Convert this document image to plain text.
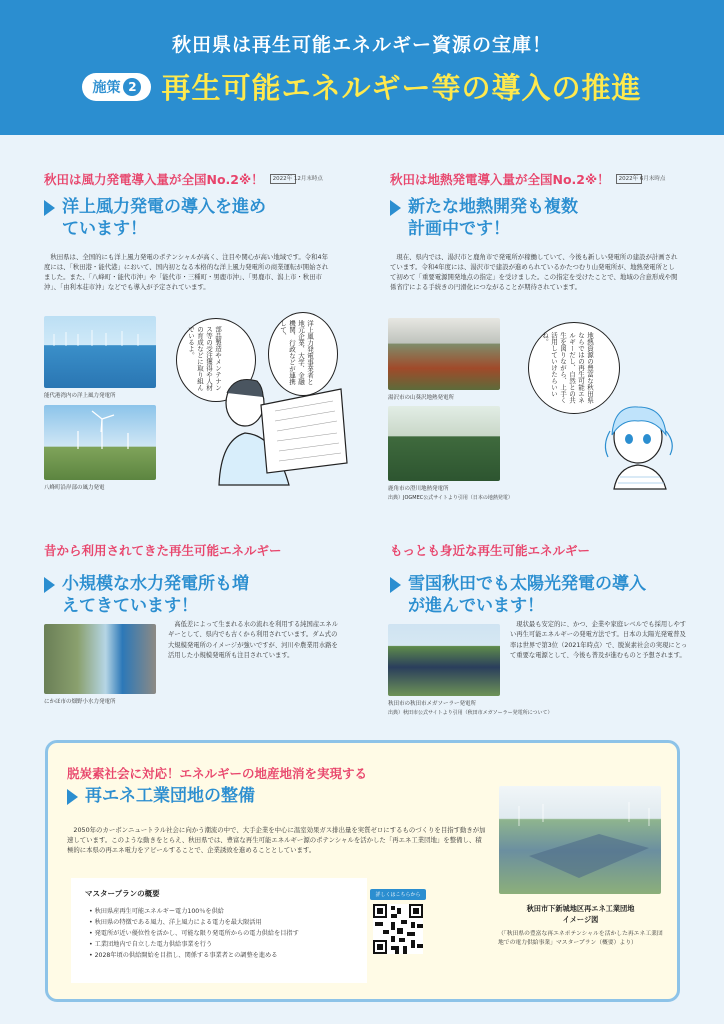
秋田県は再生可能エネルギー資源の宝庫！
施策 2 再生可能エネルギー等の導入の推進
秋田は風力発電導入量が全国No.2※！	2022年 12月末時点
洋上風力発電の導入を進めています！
秋田県は、全国的にも洋上風力発電のポテンシャルが高く、注目や関心が高い地域です。令和4年度には、「秋田港・能代港」において、国内初となる本格的な洋上風力発電所の商業運転が開始されました。また、「八峰町・能代市沖」や「能代市・三種町・男鹿市沖」、「男鹿市、潟上市・秋田市沖」、「由利本荘市沖」などでも導入が予定されています。
能代港湾内の洋上風力発電所
八峰町沿岸部の風力発電
部品製造やメンテナンス等の受注獲得や人材の育成などに取り組んでいるよ。	洋上風力発電事業者と地元企業、大学、金融機関、行政などが連携して、
秋田は地熱発電導入量が全国No.2※！	2022年 6月末時点
新たな地熱開発も複数計画中です！
現在、県内では、湯沢市と鹿角市で発電所が稼働していて、今後も新しい発電所の建設が計画されています。令和4年度には、湯沢市で建設が進められているかたつむり山発電所が、地熱発電所として初めて「重要電源開発地点の指定」を受けました。この指定を受けたことで、地域の合意形成や関係省庁による手続きの円滑化につながることが期待されています。
湯沢市の山葵沢地熱発電所
鹿角市の澄川地熱発電所
出典）JOGMEC公式サイトより引用（日本の地熱発電）
地熱資源の豊富な秋田県ならではの再生可能エネルギーだし、自然との共生を図りながら、上手く活用していけたらいいね。
昔から利用されてきた再生可能エネルギー
小規模な水力発電所も増えてきています！
にかほ市の畑野小水力発電所
高低差によって生まれる水の流れを利用する純国産エネルギーとして、県内でも古くから利用されています。ダム式の大規模発電所のイメージが強いですが、河川や農業用水路を活用した小規模発電所も注目されています。
もっとも身近な再生可能エネルギー
雪国秋田でも太陽光発電の導入が進んでいます！
秋田市の秋田市メガソーラー発電所
出典）秋田市公式サイトより引用（秋田市メガソーラー発電所について）
現状最も安定的に、かつ、企業や家庭レベルでも採用しやすい再生可能エネルギーの発電方法です。日本の太陽光発電普及率は世界で第3位（2021年時点）で、脱炭素社会の実現にとって重要な電源として、今後も普及が進むものと予想されます。
脱炭素社会に対応！エネルギーの地産地消を実現する
再エネ工業団地の整備
2050年のカーボンニュートラル社会に向かう潮流の中で、大手企業を中心に温室効果ガス排出量を実質ゼロにするものづくりを目指す動きが加速しています。このような動きをとらえ、秋田県では、豊富な再生可能エネルギー源のポテンシャルを活かした「再エネ工業団地」を整備し、積極的に本県の再エネ電力をアピールすることで、企業誘致を進めることとしています。
マスタープランの概要
• 秋田県産再生可能エネルギー電力100％を供給
• 秋田県の特徴である風力、洋上風力による電力を最大限活用
• 発電所が近い優位性を活かし、可能な限り発電所からの電力供給を目指す
• 工業団地内で自立した電力供給事業を行う
• 2028年頃の供給開始を目指し、関係する事業者との調整を進める
詳しくはこちらから
秋田市下新城地区再エネ工業団地
イメージ図
（「秋田県の豊富な再エネポテンシャルを活かした再エネ工業団地での電力供給事業」マスタープラン（概要）より）
